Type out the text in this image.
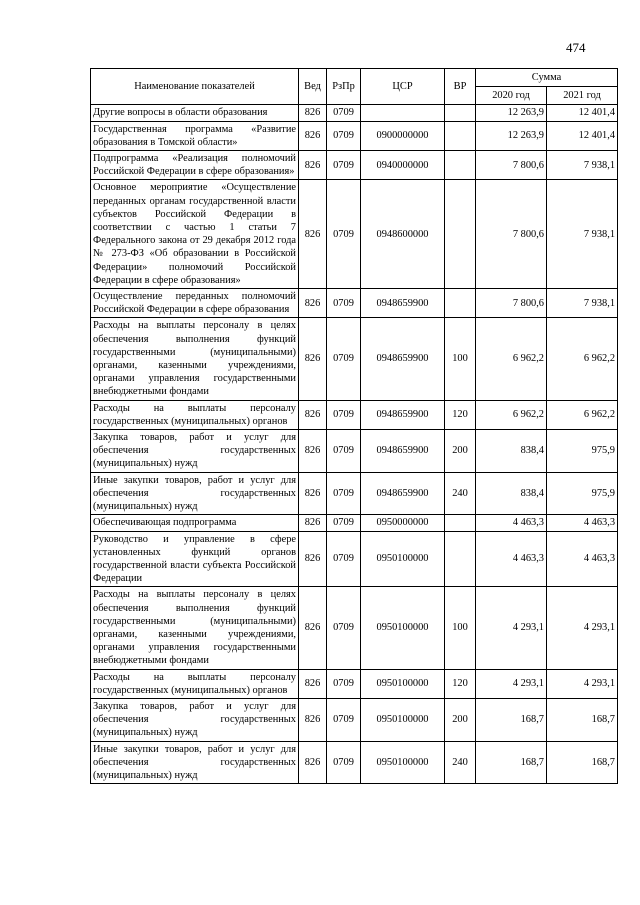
474
Наименование показателей	Вед	РзПр	ЦСР	ВР	Сумма	
					2020 год	2021 год
Другие вопросы в области образования	826	0709			12 263,9	12 401,4
Государственная программа «Развитие образования в Томской области»	826	0709	0900000000		12 263,9	12 401,4
Подпрограмма «Реализация полномочий Российской Федерации в сфере образования»	826	0709	0940000000		7 800,6	7 938,1
Основное мероприятие «Осуществление переданных органам государственной власти субъектов Российской Федерации в соответствии с частью 1 статьи 7 Федерального закона от 29 декабря 2012 года № 273-ФЗ «Об образовании в Российской Федерации» полномочий Российской Федерации в сфере образования»	826	0709	0948600000		7 800,6	7 938,1
Осуществление переданных полномочий Российской Федерации в сфере образования	826	0709	0948659900		7 800,6	7 938,1
Расходы на выплаты персоналу в целях обеспечения выполнения функций государственными (муниципальными) органами, казенными учреждениями, органами управления государственными внебюджетными фондами	826	0709	0948659900	100	6 962,2	6 962,2
Расходы на выплаты персоналу государственных (муниципальных) органов	826	0709	0948659900	120	6 962,2	6 962,2
Закупка товаров, работ и услуг для обеспечения государственных (муниципальных) нужд	826	0709	0948659900	200	838,4	975,9
Иные закупки товаров, работ и услуг для обеспечения государственных (муниципальных) нужд	826	0709	0948659900	240	838,4	975,9
Обеспечивающая подпрограмма	826	0709	0950000000		4 463,3	4 463,3
Руководство и управление в сфере установленных функций органов государственной власти субъекта Российской Федерации	826	0709	0950100000		4 463,3	4 463,3
Расходы на выплаты персоналу в целях обеспечения выполнения функций государственными (муниципальными) органами, казенными учреждениями, органами управления государственными внебюджетными фондами	826	0709	0950100000	100	4 293,1	4 293,1
Расходы на выплаты персоналу государственных (муниципальных) органов	826	0709	0950100000	120	4 293,1	4 293,1
Закупка товаров, работ и услуг для обеспечения государственных (муниципальных) нужд	826	0709	0950100000	200	168,7	168,7
Иные закупки товаров, работ и услуг для обеспечения государственных (муниципальных) нужд	826	0709	0950100000	240	168,7	168,7
